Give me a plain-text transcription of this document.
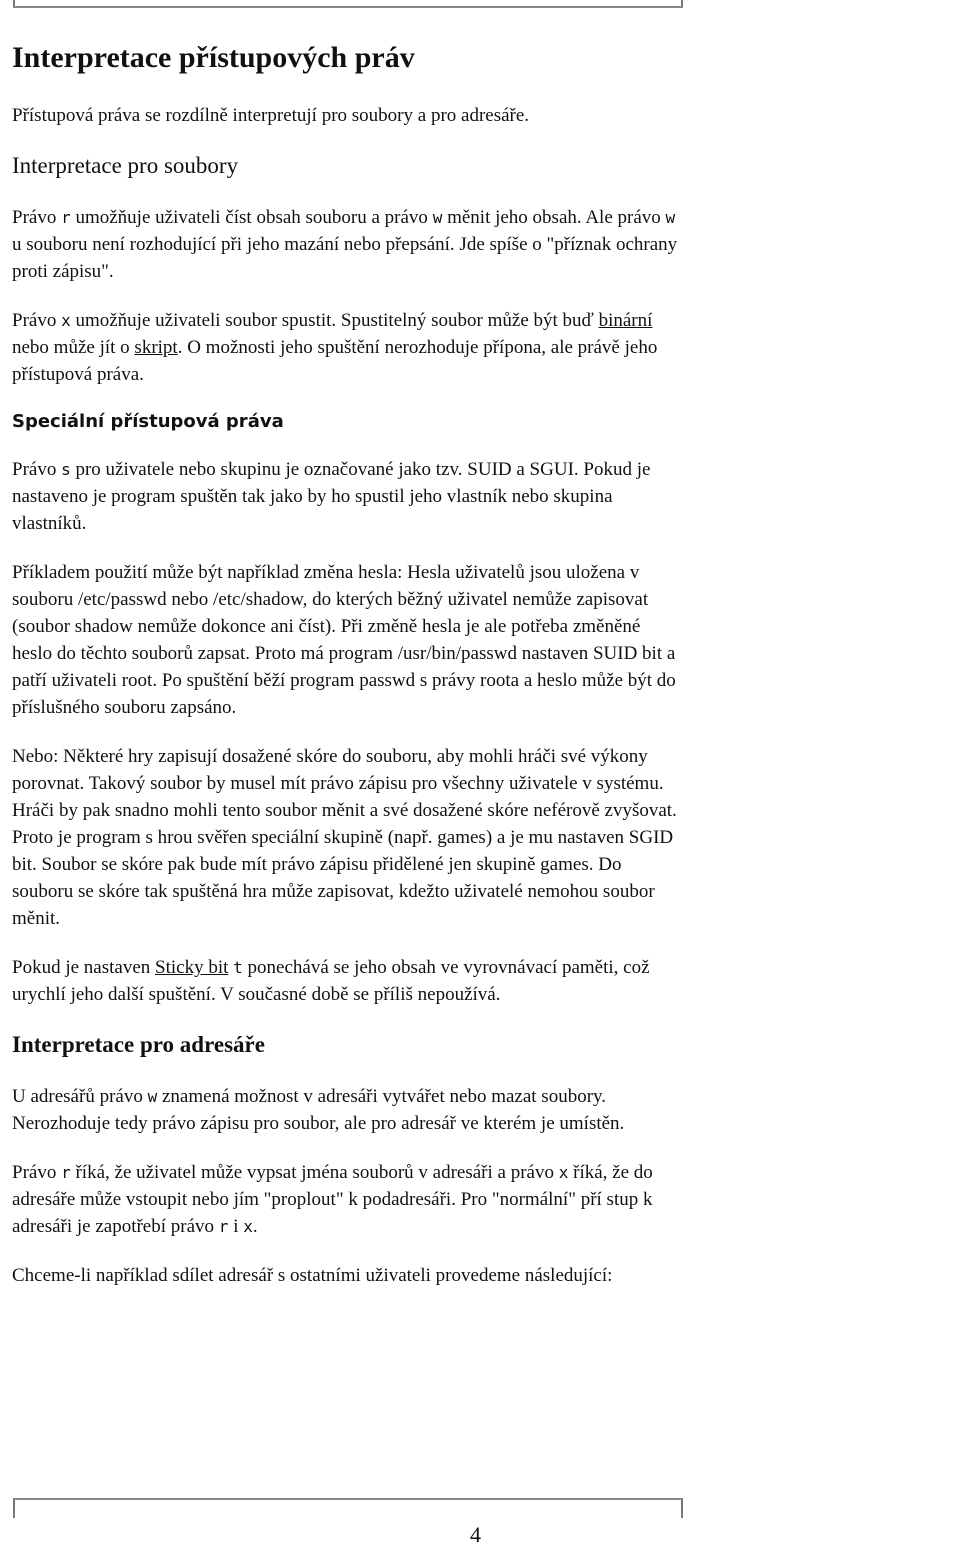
Interpretace přístupových práv

Přístupová práva se rozdílně interpretují pro soubory a pro adresáře.

Interpretace pro soubory

Právo r umožňuje uživateli číst obsah souboru a právo w měnit jeho obsah. Ale právo w u souboru není rozhodující při jeho mazání nebo přepsání. Jde spíše o "příznak ochrany proti zápisu".

Právo x umožňuje uživateli soubor spustit. Spustitelný soubor může být buď binární nebo může jít o skript. O možnosti jeho spuštění nerozhoduje přípona, ale právě jeho přístupová práva.

Speciální přístupová práva

Právo s pro uživatele nebo skupinu je označované jako tzv. SUID a SGUI. Pokud je nastaveno je program spuštěn tak jako by ho spustil jeho vlastník nebo skupina vlastníků.

Příkladem použití může být například změna hesla: Hesla uživatelů jsou uložena v souboru /etc/passwd nebo /etc/shadow, do kterých běžný uživatel nemůže zapisovat (soubor shadow nemůže dokonce ani číst). Při změně hesla je ale potřeba změněné heslo do těchto souborů zapsat. Proto má program /usr/bin/passwd nastaven SUID bit a patří uživateli root. Po spuštění běží program passwd s právy roota a heslo může být do příslušného souboru zapsáno.

Nebo: Některé hry zapisují dosažené skóre do souboru, aby mohli hráči své výkony porovnat. Takový soubor by musel mít právo zápisu pro všechny uživatele v systému. Hráči by pak snadno mohli tento soubor měnit a své dosažené skóre neférově zvyšovat. Proto je program s hrou svěřen speciální skupině (např. games) a je mu nastaven SGID bit. Soubor se skóre pak bude mít právo zápisu přidělené jen skupině games. Do souboru se skóre tak spuštěná hra může zapisovat, kdežto uživatelé nemohou soubor měnit.

Pokud je nastaven Sticky bit t ponechává se jeho obsah ve vyrovnávací paměti, což urychlí jeho další spuštění. V současné době se příliš nepoužívá.

Interpretace pro adresáře

U adresářů právo w znamená možnost v adresáři vytvářet nebo mazat soubory. Nerozhoduje tedy právo zápisu pro soubor, ale pro adresář ve kterém je umístěn.

Právo r říká, že uživatel může vypsat jména souborů v adresáři a právo x říká, že do adresáře může vstoupit nebo jím "proplout" k podadresáři. Pro "normální" pří stup k adresáři je zapotřebí právo r i x.

Chceme-li například sdílet adresář s ostatními uživateli provedeme následující:

4
